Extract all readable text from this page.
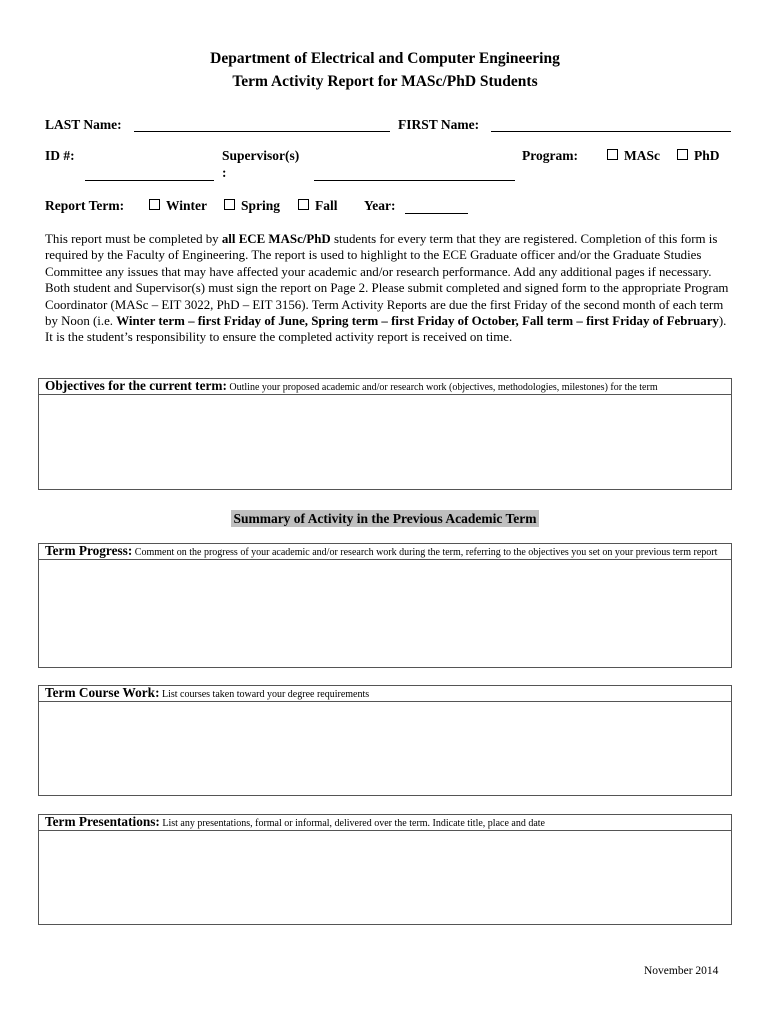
Department of Electrical and Computer Engineering
Term Activity Report for MASc/PhD Students
LAST Name:	FIRST Name:
ID #:	Supervisor(s)
:
Program:	MASc	PhD
Report Term:	Winter	Spring	Fall Year:
This report must be completed by all ECE MASc/PhD students for every term that they are registered. Completion of this form is required by the Faculty of Engineering. The report is used to highlight to the ECE Graduate officer and/or the Graduate Studies Committee any issues that may have affected your academic and/or research performance. Add any additional pages if necessary. Both student and Supervisor(s) must sign the report on Page 2. Please submit completed and signed form to the appropriate Program Coordinator (MASc – EIT 3022, PhD – EIT 3156). Term Activity Reports are due the first Friday of the second month of each term by Noon (i.e. Winter term – first Friday of June, Spring term – first Friday of October, Fall term – first Friday of February). It is the student’s responsibility to ensure the completed activity report is received on time.
Objectives for the current term: Outline your proposed academic and/or research work (objectives, methodologies, milestones) for the term
Summary of Activity in the Previous Academic Term
Term Progress: Comment on the progress of your academic and/or research work during the term, referring to the objectives you set on your previous term report
Term Course Work: List courses taken toward your degree requirements
Term Presentations: List any presentations, formal or informal, delivered over the term. Indicate title, place and date
November 2014
